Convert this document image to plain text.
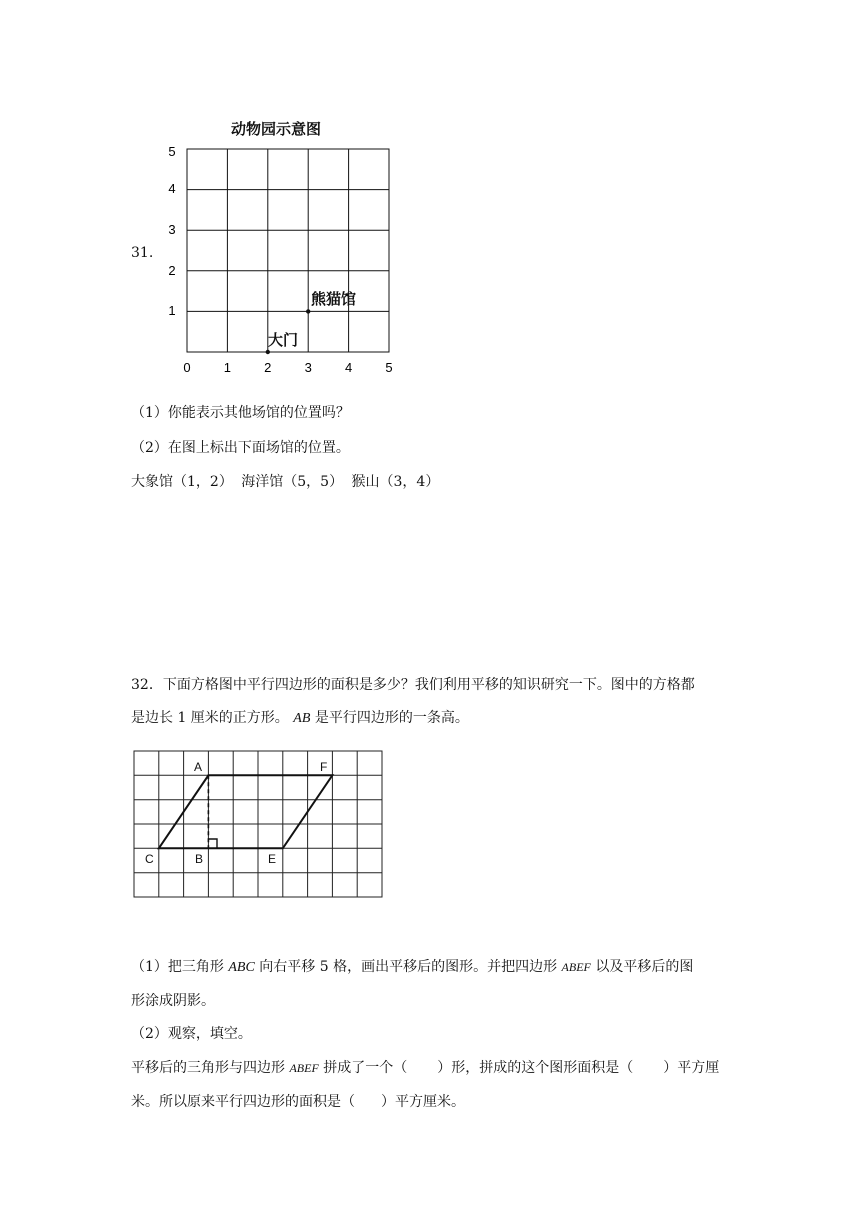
31.
动物园示意图
0	1	2	3	4	5
1
2
3
4
5
大门
熊猫馆
（1）你能表示其他场馆的位置吗？
（2）在图上标出下面场馆的位置。
大象馆（1，2） 海洋馆（5，5） 猴山（3，4）
32．下面方格图中平行四边形的面积是多少？我们利用平移的知识研究一下。图中的方格都
是边长 1 厘米的正方形。 AB 是平行四边形的一条高。
A	F
C	B	E
（1）把三角形 ABC 向右平移 5 格，画出平移后的图形。并把四边形 ABEF 以及平移后的图
形涂成阴影。
（2）观察，填空。
平移后的三角形与四边形 ABEF 拼成了一个（ ）形，拼成的这个图形面积是（ ）平方厘
米。所以原来平行四边形的面积是（ ）平方厘米。
